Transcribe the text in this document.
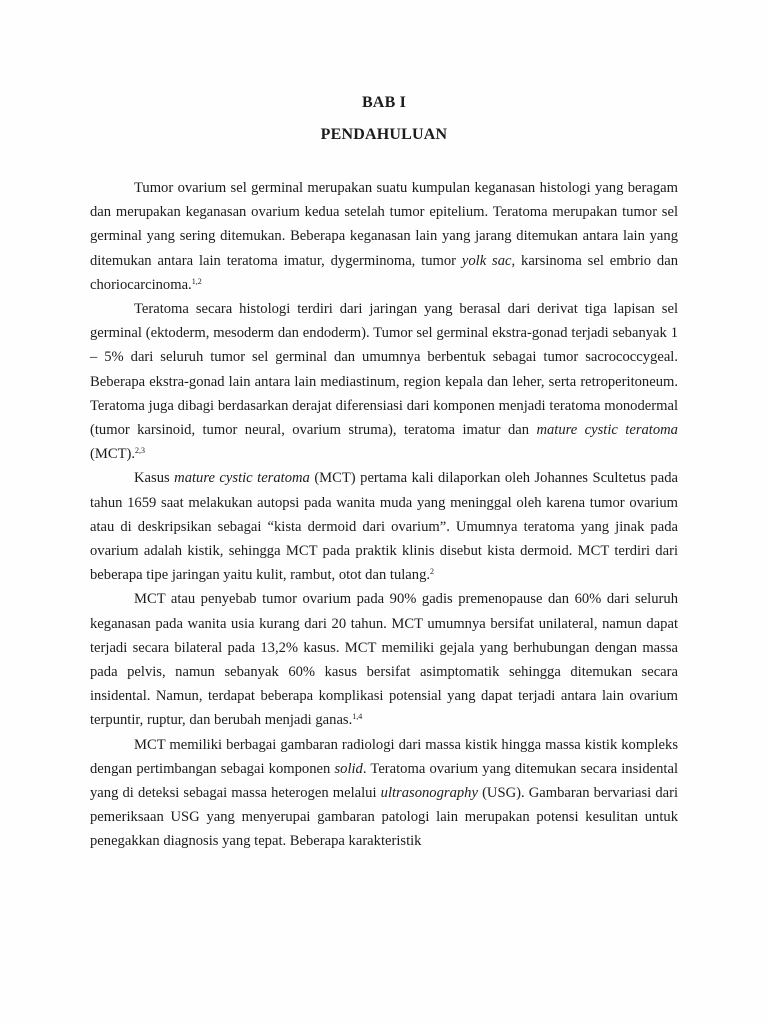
BAB I
PENDAHULUAN

Tumor ovarium sel germinal merupakan suatu kumpulan keganasan histologi yang beragam dan merupakan keganasan ovarium kedua setelah tumor epitelium. Teratoma merupakan tumor sel germinal yang sering ditemukan. Beberapa keganasan lain yang jarang ditemukan antara lain yang ditemukan antara lain teratoma imatur, dygerminoma, tumor yolk sac, karsinoma sel embrio dan choriocarcinoma.$^{1,2}$

Teratoma secara histologi terdiri dari jaringan yang berasal dari derivat tiga lapisan sel germinal (ektoderm, mesoderm dan endoderm). Tumor sel germinal ekstra-gonad terjadi sebanyak 1 – 5% dari seluruh tumor sel germinal dan umumnya berbentuk sebagai tumor sacrococcygeal. Beberapa ekstra-gonad lain antara lain mediastinum, region kepala dan leher, serta retroperitoneum. Teratoma juga dibagi berdasarkan derajat diferensiasi dari komponen menjadi teratoma monodermal (tumor karsinoid, tumor neural, ovarium struma), teratoma imatur dan mature cystic teratoma (MCT).$^{2,3}$

Kasus mature cystic teratoma (MCT) pertama kali dilaporkan oleh Johannes Scultetus pada tahun 1659 saat melakukan autopsi pada wanita muda yang meninggal oleh karena tumor ovarium atau di deskripsikan sebagai “kista dermoid dari ovarium”. Umumnya teratoma yang jinak pada ovarium adalah kistik, sehingga MCT pada praktik klinis disebut kista dermoid. MCT terdiri dari beberapa tipe jaringan yaitu kulit, rambut, otot dan tulang.$^2$

MCT atau penyebab tumor ovarium pada 90% gadis premenopause dan 60% dari seluruh keganasan pada wanita usia kurang dari 20 tahun. MCT umumnya bersifat unilateral, namun dapat terjadi secara bilateral pada 13,2% kasus. MCT memiliki gejala yang berhubungan dengan massa pada pelvis, namun sebanyak 60% kasus bersifat asimptomatik sehingga ditemukan secara insidental. Namun, terdapat beberapa komplikasi potensial yang dapat terjadi antara lain ovarium terpuntir, ruptur, dan berubah menjadi ganas.$^{1,4}$

MCT memiliki berbagai gambaran radiologi dari massa kistik hingga massa kistik kompleks dengan pertimbangan sebagai komponen solid. Teratoma ovarium yang ditemukan secara insidental yang di deteksi sebagai massa heterogen melalui ultrasonography (USG). Gambaran bervariasi dari pemeriksaan USG yang menyerupai gambaran patologi lain merupakan potensi kesulitan untuk penegakkan diagnosis yang tepat. Beberapa karakteristik
